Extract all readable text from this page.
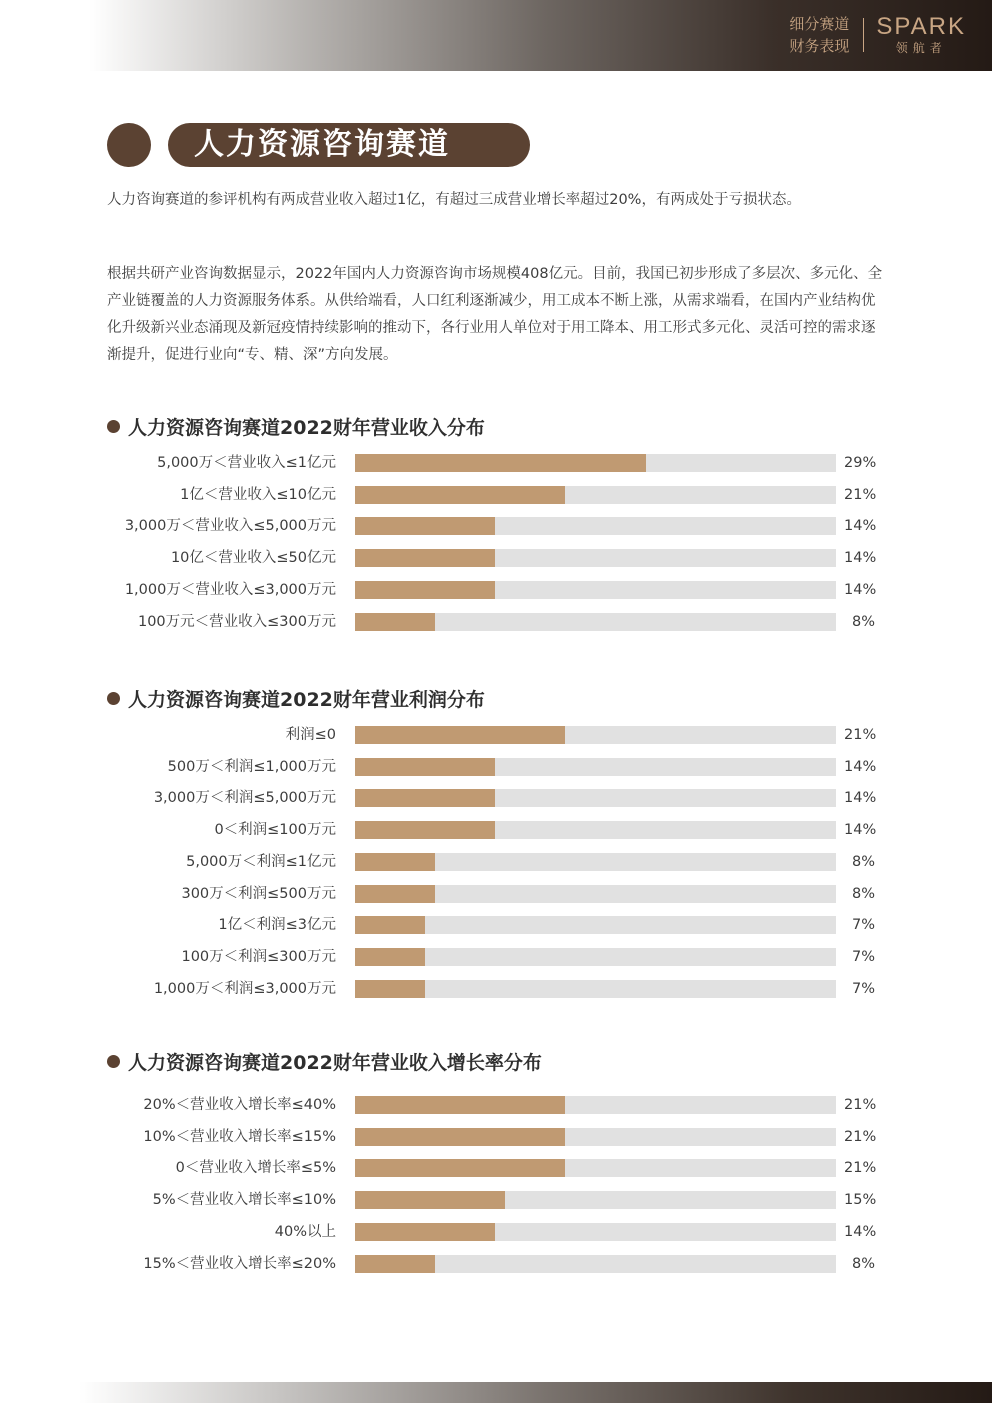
细分赛道
财务表现
SPARK
领航者
人力资源咨询赛道
人力咨询赛道的参评机构有两成营业收入超过1亿，有超过三成营业增长率超过20%，有两成处于亏损状态。
根据共研产业咨询数据显示，2022年国内人力资源咨询市场规模408亿元。目前，我国已初步形成了多层次、多元化、全产业链覆盖的人力资源服务体系。从供给端看，人口红利逐渐减少，用工成本不断上涨，从需求端看，在国内产业结构优化升级新兴业态涌现及新冠疫情持续影响的推动下，各行业用人单位对于用工降本、用工形式多元化、灵活可控的需求逐渐提升，促进行业向“专、精、深”方向发展。
人力资源咨询赛道2022财年营业收入分布
5,000万＜营业收入≤1亿元	29%
1亿＜营业收入≤10亿元	21%
3,000万＜营业收入≤5,000万元	14%
10亿＜营业收入≤50亿元	14%
1,000万＜营业收入≤3,000万元	14%
100万元＜营业收入≤300万元	8%
人力资源咨询赛道2022财年营业利润分布
利润≤0	21%
500万＜利润≤1,000万元	14%
3,000万＜利润≤5,000万元	14%
0＜利润≤100万元	14%
5,000万＜利润≤1亿元	8%
300万＜利润≤500万元	8%
1亿＜利润≤3亿元	7%
100万＜利润≤300万元	7%
1,000万＜利润≤3,000万元	7%
人力资源咨询赛道2022财年营业收入增长率分布
20%＜营业收入增长率≤40%	21%
10%＜营业收入增长率≤15%	21%
0＜营业收入增长率≤5%	21%
5%＜营业收入增长率≤10%	15%
40%以上	14%
15%＜营业收入增长率≤20%	8%
